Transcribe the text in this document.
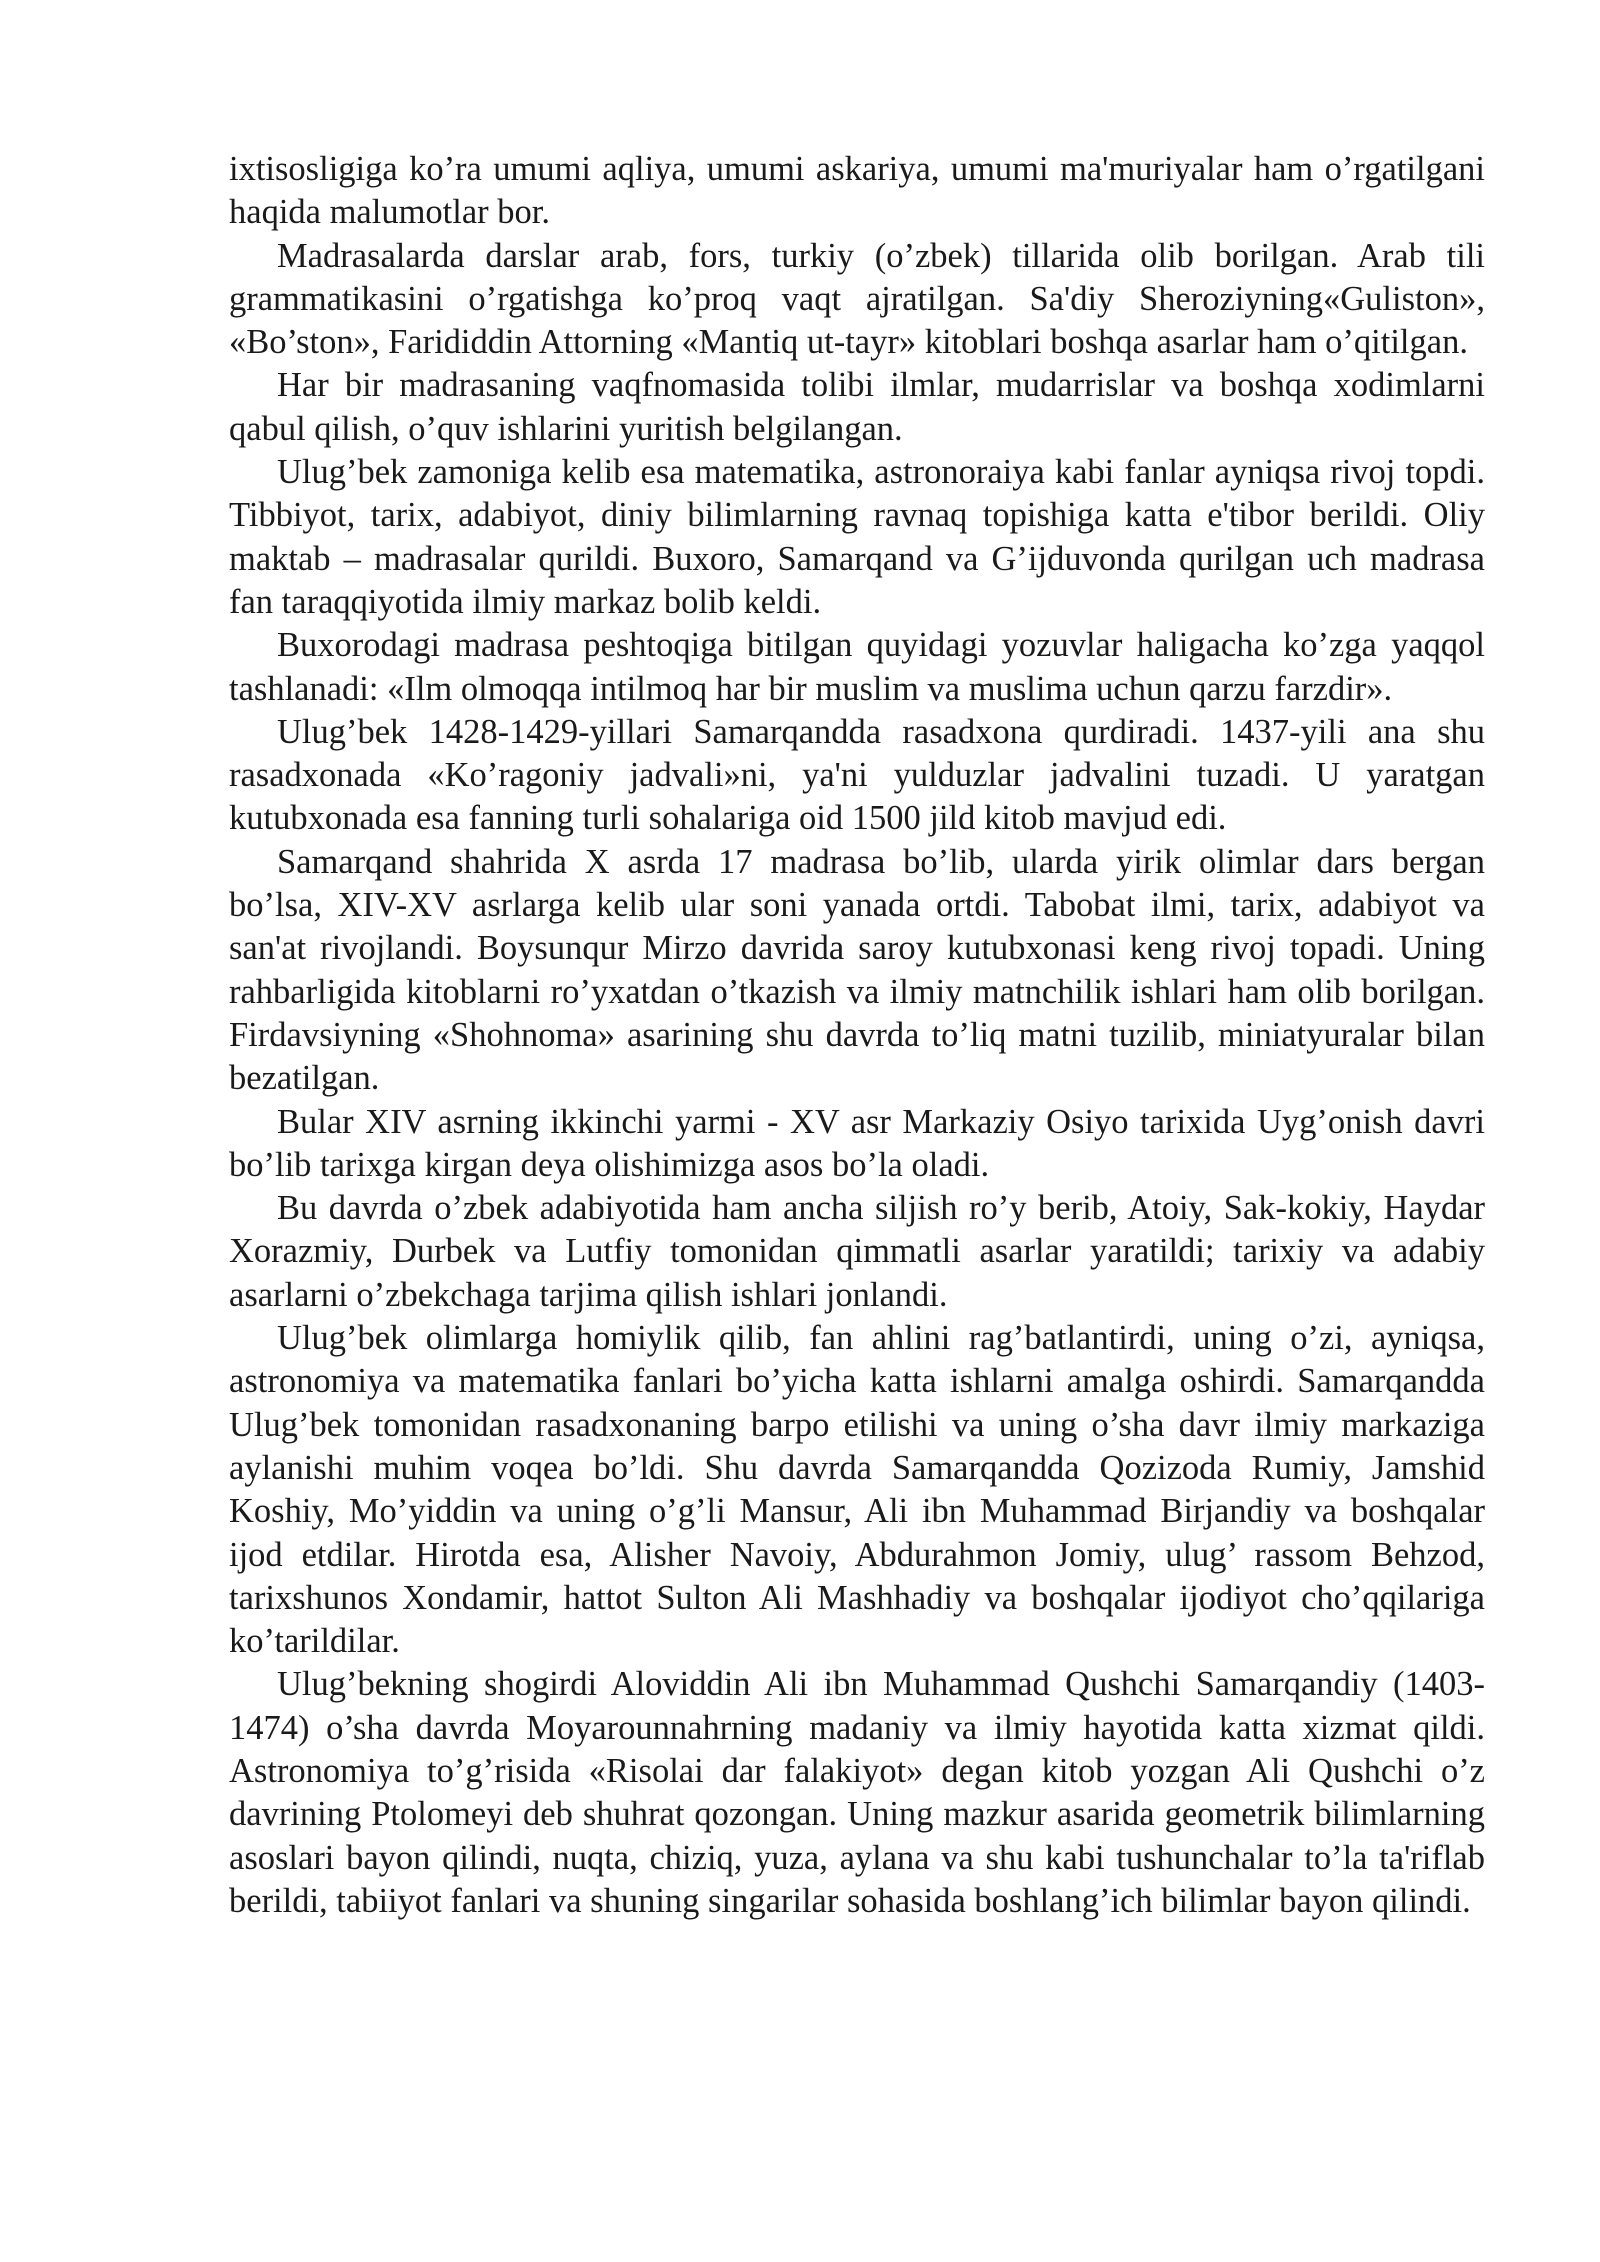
ixtisosligiga ko’ra umumi aqliya, umumi askariya, umumi ma'muriyalar ham o’rgatilgani haqida malumotlar bor.

Madrasalarda darslar arab, fors, turkiy (o’zbek) tillarida olib borilgan. Arab tili grammatikasini o’rgatishga ko’proq vaqt ajratilgan. Sa'diy Sheroziyning«Guliston», «Bo’ston», Farididdin Attorning «Mantiq ut-tayr» kitoblari boshqa asarlar ham o’qitilgan.

Har bir madrasaning vaqfnomasida tolibi ilmlar, mudarrislar va boshqa xodimlarni qabul qilish, o’quv ishlarini yuritish belgilangan.

Ulug’bek zamoniga kelib esa matematika, astronoraiya kabi fanlar ayniqsa rivoj topdi. Tibbiyot, tarix, adabiyot, diniy bilimlarning ravnaq topishiga katta e'tibor berildi. Oliy maktab – madrasalar qurildi. Buxoro, Samarqand va G’ijduvonda qurilgan uch madrasa fan taraqqiyotida ilmiy markaz bolib keldi.

Buxorodagi madrasa peshtoqiga bitilgan quyidagi yozuvlar haligacha ko’zga yaqqol tashlanadi: «Ilm olmoqqa intilmoq har bir muslim va muslima uchun qarzu farzdir».

Ulug’bek 1428-1429-yillari Samarqandda rasadxona qurdiradi. 1437-yili ana shu rasadxonada «Ko’ragoniy jadvali»ni, ya'ni yulduzlar jadvalini tuzadi. U yaratgan kutubxonada esa fanning turli sohalariga oid 1500 jild kitob mavjud edi.

Samarqand shahrida X asrda 17 madrasa bo’lib, ularda yirik olimlar dars bergan bo’lsa, XIV-XV asrlarga kelib ular soni yanada ortdi. Tabobat ilmi, tarix, adabiyot va san'at rivojlandi. Boysunqur Mirzo davrida saroy kutubxonasi keng rivoj topadi. Uning rahbarligida kitoblarni ro’yxatdan o’tkazish va ilmiy matnchilik ishlari ham olib borilgan. Firdavsiyning «Shohnoma» asarining shu davrda to’liq matni tuzilib, miniatyuralar bilan bezatilgan.

Bular XIV asrning ikkinchi yarmi - XV asr Markaziy Osiyo tarixida Uyg’onish davri bo’lib tarixga kirgan deya olishimizga asos bo’la oladi.

Bu davrda o’zbek adabiyotida ham ancha siljish ro’y berib, Atoiy, Sak-kokiy, Haydar Xorazmiy, Durbek va Lutfiy tomonidan qimmatli asarlar yaratildi; tarixiy va adabiy asarlarni o’zbekchaga tarjima qilish ishlari jonlandi.

Ulug’bek olimlarga homiylik qilib, fan ahlini rag’batlantirdi, uning o’zi, ayniqsa, astronomiya va matematika fanlari bo’yicha katta ishlarni amalga oshirdi. Samarqandda Ulug’bek tomonidan rasadxonaning barpo etilishi va uning o’sha davr ilmiy markaziga aylanishi muhim voqea bo’ldi. Shu davrda Samarqandda Qozizoda Rumiy, Jamshid Koshiy, Mo’yiddin va uning o’g’li Mansur, Ali ibn Muhammad Birjandiy va boshqalar ijod etdilar. Hirotda esa, Alisher Navoiy, Abdurahmon Jomiy, ulug’ rassom Behzod, tarixshunos Xondamir, hattot Sulton Ali Mashhadiy va boshqalar ijodiyot cho’qqilariga ko’tarildilar.

Ulug’bekning shogirdi Aloviddin Ali ibn Muhammad Qushchi Samarqandiy (1403-1474) o’sha davrda Moyarounnahrning madaniy va ilmiy hayotida katta xizmat qildi. Astronomiya to’g’risida «Risolai dar falakiyot» degan kitob yozgan Ali Qushchi o’z davrining Ptolomeyi deb shuhrat qozongan. Uning mazkur asarida geometrik bilimlarning asoslari bayon qilindi, nuqta, chiziq, yuza, aylana va shu kabi tushunchalar to’la ta'riflab berildi, tabiiyot fanlari va shuning singarilar sohasida boshlang’ich bilimlar bayon qilindi.
